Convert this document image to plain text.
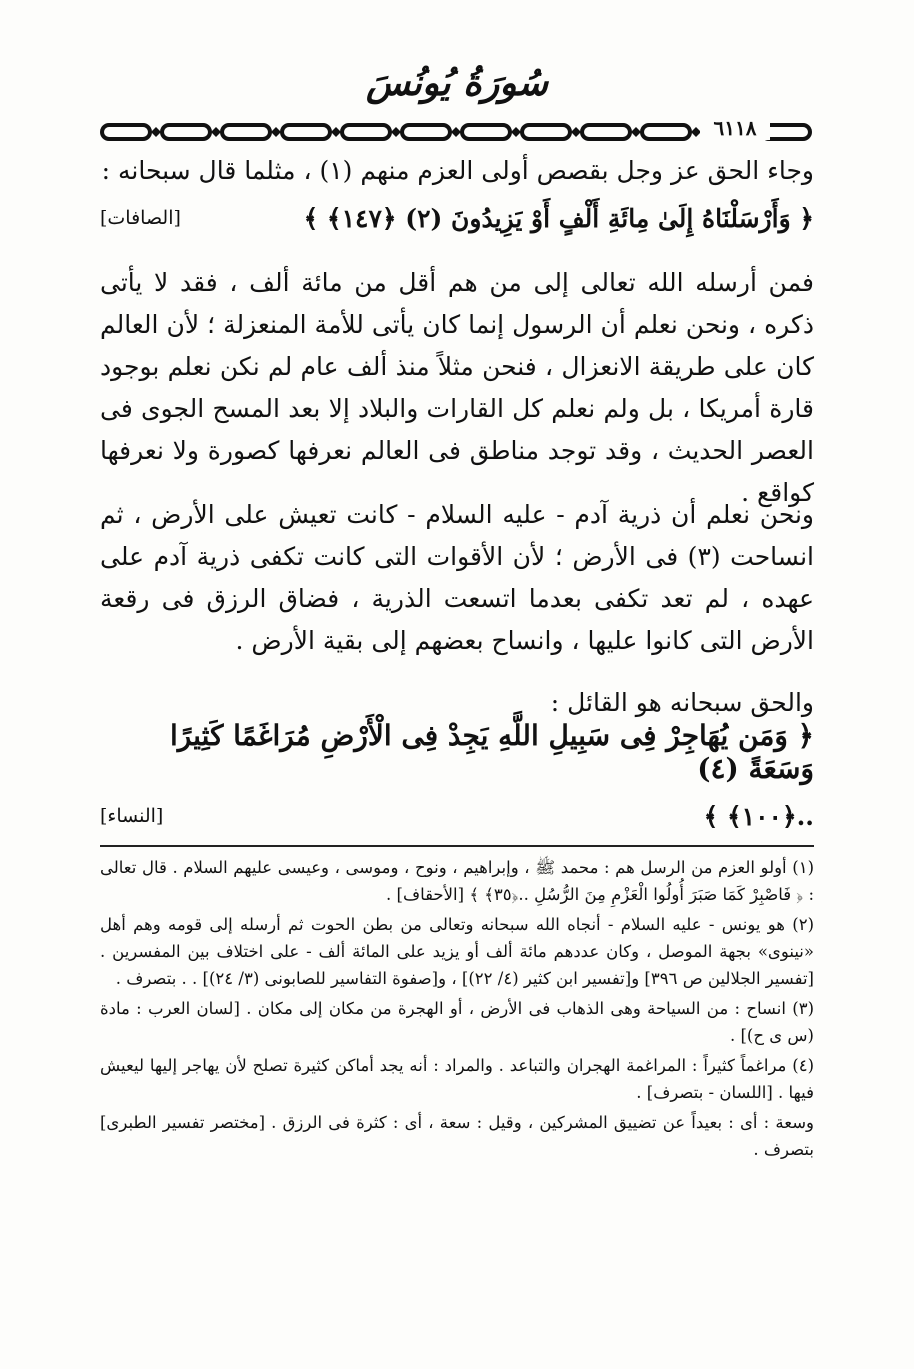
سُورَةُ يُونُسَ
٦١١٨
وجاء الحق عز وجل بقصص أولى العزم منهم (١) ، مثلما قال سبحانه :
﴿ وَأَرْسَلْنَاهُ إِلَىٰ مِائَةِ أَلْفٍ أَوْ يَزِيدُونَ (٢) ﴿١٤٧﴾ ﴾
[الصافات]
فمن أرسله الله تعالى إلى من هم أقل من مائة ألف ، فقد لا يأتى ذكره ، ونحن نعلم أن الرسول إنما كان يأتى للأمة المنعزلة ؛ لأن العالم كان على طريقة الانعزال ، فنحن مثلاً منذ ألف عام لم نكن نعلم بوجود قارة أمريكا ، بل ولم نعلم كل القارات والبلاد إلا بعد المسح الجوى فى العصر الحديث ، وقد توجد مناطق فى العالم نعرفها كصورة ولا نعرفها كواقع .
ونحن نعلم أن ذرية آدم - عليه السلام - كانت تعيش على الأرض ، ثم انساحت (٣) فى الأرض ؛ لأن الأقوات التى كانت تكفى ذرية آدم على عهده ، لم تعد تكفى بعدما اتسعت الذرية ، فضاق الرزق فى رقعة الأرض التى كانوا عليها ، وانساح بعضهم إلى بقية الأرض .
والحق سبحانه هو القائل :
﴿ وَمَن يُهَاجِرْ فِى سَبِيلِ اللَّهِ يَجِدْ فِى الْأَرْضِ مُرَاغَمًا كَثِيرًا وَسَعَةً (٤)
..﴿١٠٠﴾ ﴾
[النساء]

(١) أولو العزم من الرسل هم : محمد ﷺ ، وإبراهيم ، ونوح ، وموسى ، وعيسى عليهم السلام . قال تعالى : ﴿ فَاصْبِرْ كَمَا صَبَرَ أُولُوا الْعَزْمِ مِنَ الرُّسُلِ ..﴿٣٥﴾ ﴾ [الأحقاف] .

(٢) هو يونس - عليه السلام - أنجاه الله سبحانه وتعالى من بطن الحوت ثم أرسله إلى قومه وهم أهل «نينوى» بجهة الموصل ، وكان عددهم مائة ألف أو يزيد على المائة ألف - على اختلاف بين المفسرين . [تفسير الجلالين ص ٣٩٦] و[تفسير ابن كثير (٤/ ٢٢)] ، و[صفوة التفاسير للصابونى (٣/ ٢٤)] . . بتصرف .

(٣) انساح : من السياحة وهى الذهاب فى الأرض ، أو الهجرة من مكان إلى مكان . [لسان العرب : مادة (س ى ح)] .

(٤) مراغماً كثيراً : المراغمة الهجران والتباعد . والمراد : أنه يجد أماكن كثيرة تصلح لأن يهاجر إليها ليعيش فيها . [اللسان - بتصرف] .

وسعة : أى : بعيداً عن تضييق المشركين ، وقيل : سعة ، أى : كثرة فى الرزق . [مختصر تفسير الطبرى] بتصرف .
